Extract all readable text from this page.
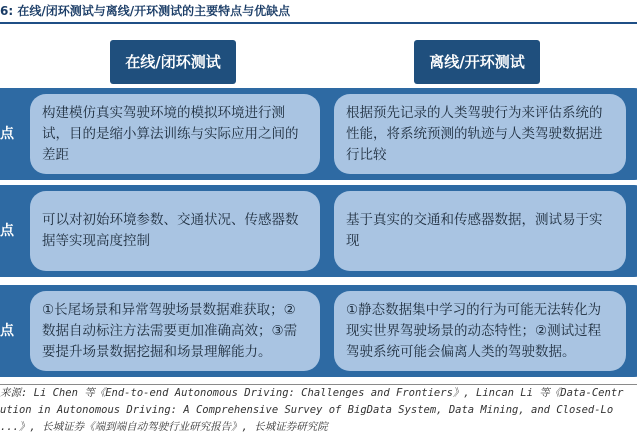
6: 在线/闭环测试与离线/开环测试的主要特点与优缺点
在线/闭环测试	离线/开环测试
点
构建模仿真实驾驶环境的模拟环境进行测试，目的是缩小算法训练与实际应用之间的差距
根据预先记录的人类驾驶行为来评估系统的性能，将系统预测的轨迹与人类驾驶数据进行比较
点
可以对初始环境参数、交通状况、传感器数据等实现高度控制
基于真实的交通和传感器数据，测试易于实现
点
①长尾场景和异常驾驶场景数据难获取；②数据自动标注方法需要更加准确高效；③需要提升场景数据挖掘和场景理解能力。
①静态数据集中学习的行为可能无法转化为现实世界驾驶场景的动态特性；②测试过程驾驶系统可能会偏离人类的驾驶数据。
来源: Li Chen 等《End-to-end Autonomous Driving: Challenges and Frontiers》, Lincan Li 等《Data-Centr
ution in Autonomous Driving: A Comprehensive Survey of BigData System, Data Mining, and Closed-Lo
...》, 长城证券《端到端自动驾驶行业研究报告》, 长城证券研究院
